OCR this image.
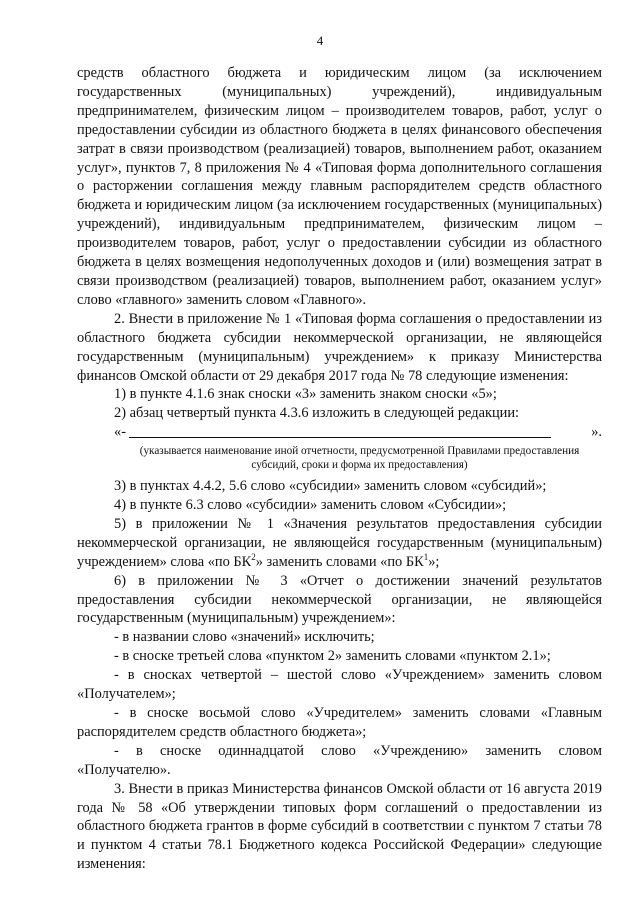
4

средств областного бюджета и юридическим лицом (за исключением государственных (муниципальных) учреждений), индивидуальным предпринимателем, физическим лицом – производителем товаров, работ, услуг о предоставлении субсидии из областного бюджета в целях финансового обеспечения затрат в связи производством (реализацией) товаров, выполнением работ, оказанием услуг», пунктов 7, 8 приложения № 4 «Типовая форма дополнительного соглашения о расторжении соглашения между главным распорядителем средств областного бюджета и юридическим лицом (за исключением государственных (муниципальных) учреждений), индивидуальным предпринимателем, физическим лицом – производителем товаров, работ, услуг о предоставлении субсидии из областного бюджета в целях возмещения недополученных доходов и (или) возмещения затрат в связи производством (реализацией) товаров, выполнением работ, оказанием услуг» слово «главного» заменить словом «Главного».

2. Внести в приложение № 1 «Типовая форма соглашения о предоставлении из областного бюджета субсидии некоммерческой организации, не являющейся государственным (муниципальным) учреждением» к приказу Министерства финансов Омской области от 29 декабря 2017 года № 78 следующие изменения:

1) в пункте 4.1.6 знак сноски «3» заменить знаком сноски «5»;

2) абзац четвертый пункта 4.3.6 изложить в следующей редакции:

«-	».

(указывается наименование иной отчетности, предусмотренной Правилами предоставления субсидий, сроки и форма их предоставления)

3) в пунктах 4.4.2, 5.6 слово «субсидии» заменить словом «субсидий»;

4) в пункте 6.3 слово «субсидии» заменить словом «Субсидии»;

5) в приложении № 1 «Значения результатов предоставления субсидии некоммерческой организации, не являющейся государственным (муниципальным) учреждением» слова «по $БК^2$» заменить словами «по $БК^1$»;

6) в приложении № 3 «Отчет о достижении значений результатов предоставления субсидии некоммерческой организации, не являющейся государственным (муниципальным) учреждением»:

- в названии слово «значений» исключить;

- в сноске третьей слова «пунктом 2» заменить словами «пунктом 2.1»;

- в сносках четвертой – шестой слово «Учреждением» заменить словом «Получателем»;

- в сноске восьмой слово «Учредителем» заменить словами «Главным распорядителем средств областного бюджета»;

- в сноске одиннадцатой слово «Учреждению» заменить словом «Получателю».

3. Внести в приказ Министерства финансов Омской области от 16 августа 2019 года № 58 «Об утверждении типовых форм соглашений о предоставлении из областного бюджета грантов в форме субсидий в соответствии с пунктом 7 статьи 78 и пунктом 4 статьи 78.1 Бюджетного кодекса Российской Федерации» следующие изменения:
